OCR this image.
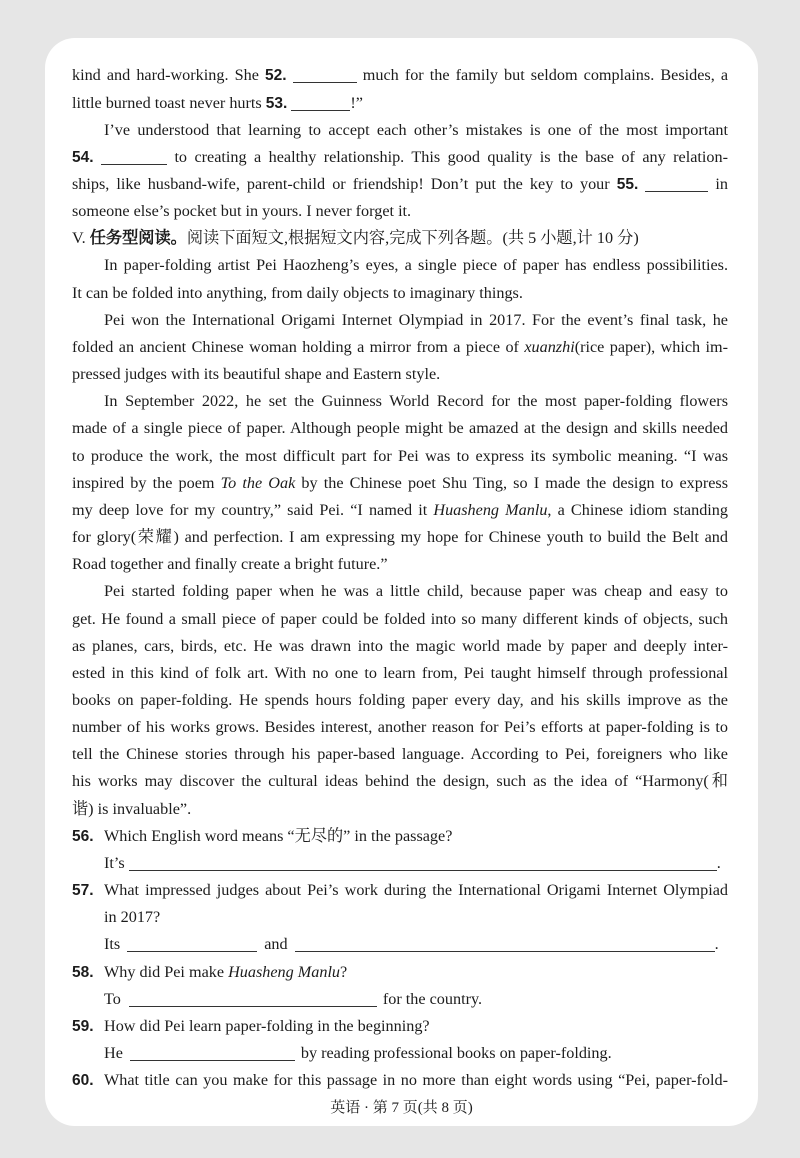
kind and hard-working. She 52.	much for the family but seldom complains. Besides, a
little burned toast never hurts 53.	!”
I’ve understood that learning to accept each other’s mistakes is one of the most important
54.	to creating a healthy relationship. This good quality is the base of any relation-
ships, like husband-wife, parent-child or friendship! Don’t put the key to your 55.	in
someone else’s pocket but in yours. I never forget it.
V. 任务型阅读。阅读下面短文,根据短文内容,完成下列各题。(共 5 小题,计 10 分)
In paper-folding artist Pei Haozheng’s eyes, a single piece of paper has endless possibilities.
It can be folded into anything, from daily objects to imaginary things.
Pei won the International Origami Internet Olympiad in 2017. For the event’s final task, he
folded an ancient Chinese woman holding a mirror from a piece of xuanzhi(rice paper), which im-
pressed judges with its beautiful shape and Eastern style.
In September 2022, he set the Guinness World Record for the most paper-folding flowers
made of a single piece of paper. Although people might be amazed at the design and skills needed
to produce the work, the most difficult part for Pei was to express its symbolic meaning. “I was
inspired by the poem To the Oak by the Chinese poet Shu Ting, so I made the design to express
my deep love for my country,” said Pei. “I named it Huasheng Manlu, a Chinese idiom standing
for glory(荣耀) and perfection. I am expressing my hope for Chinese youth to build the Belt and
Road together and finally create a bright future.”
Pei started folding paper when he was a little child, because paper was cheap and easy to
get. He found a small piece of paper could be folded into so many different kinds of objects, such
as planes, cars, birds, etc. He was drawn into the magic world made by paper and deeply inter-
ested in this kind of folk art. With no one to learn from, Pei taught himself through professional
books on paper-folding. He spends hours folding paper every day, and his skills improve as the
number of his works grows. Besides interest, another reason for Pei’s efforts at paper-folding is to
tell the Chinese stories through his paper-based language. According to Pei, foreigners who like
his works may discover the cultural ideas behind the design, such as the idea of “Harmony(和
谐) is invaluable”.
56. Which English word means “无尽的” in the passage?
It’s	.
57. What impressed judges about Pei’s work during the International Origami Internet Olympiad
in 2017?
Its	and	.
58. Why did Pei make Huasheng Manlu?
To	for the country.
59. How did Pei learn paper-folding in the beginning?
He	by reading professional books on paper-folding.
60. What title can you make for this passage in no more than eight words using “Pei, paper-fold-
英语 · 第 7 页(共 8 页)
